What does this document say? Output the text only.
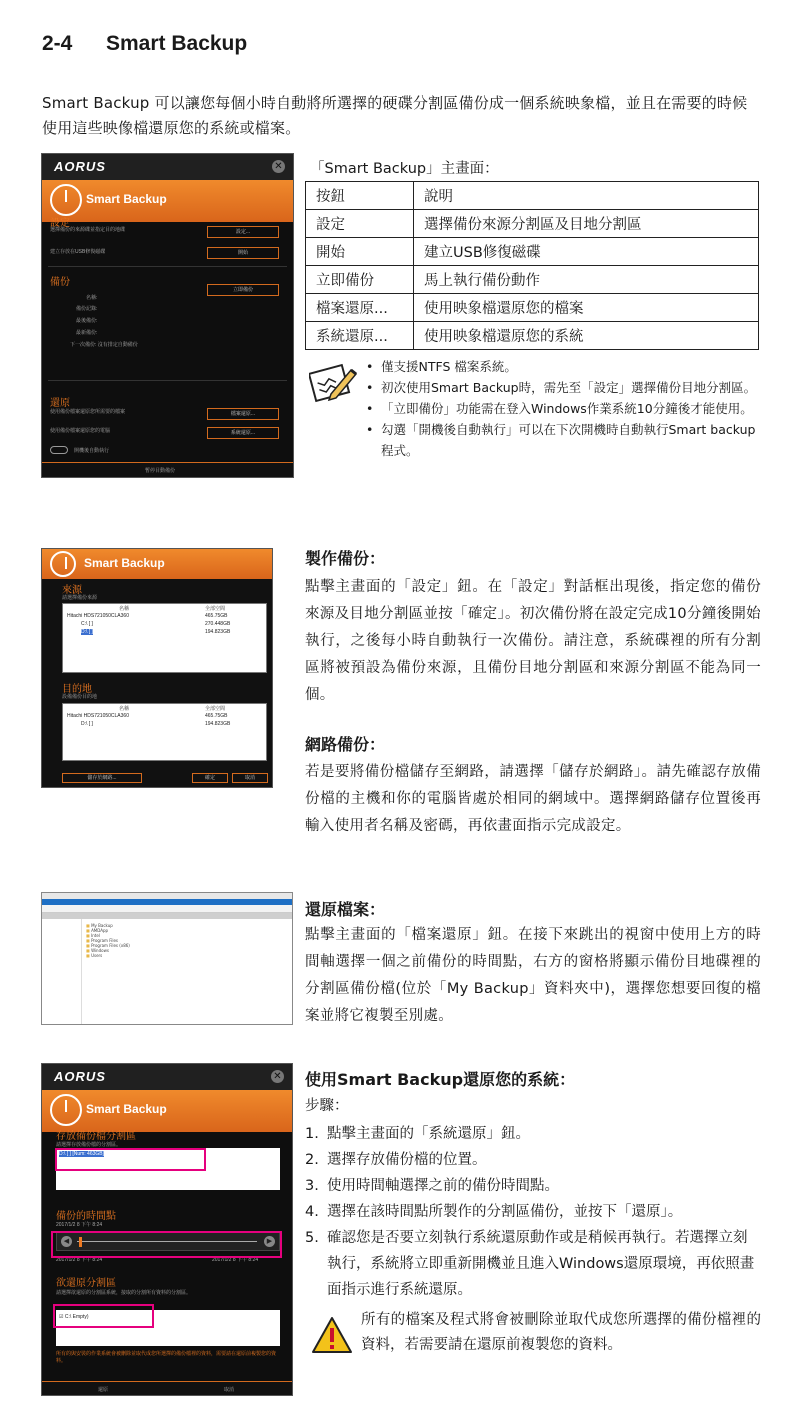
2-4 Smart Backup
Smart Backup 可以讓您每個小時自動將所選擇的硬碟分割區備份成一個系統映象檔，並且在需要的時候使用這些映像檔還原您的系統或檔案。
AORUS	✕
Smart Backup
設定
選擇備份的來源碟並指定目的地碟	設定...
建立存放在USB修復磁碟	開始
備份
立即備份
名稱:
備份記錄:
最後備份:
最新備份:
下一次備份: 沒有排定自動備份
還原
使用備份檔案還原您所需要的檔案	檔案還原...
使用備份檔案還原您的電腦	系統還原...
開機後自動執行
暫停目動備份
「Smart Backup」主畫面：
按鈕	說明
設定	選擇備份來源分割區及目地分割區
開始	建立USB修復磁碟
立即備份	馬上執行備份動作
檔案還原...	使用映象檔還原您的檔案
系統還原...	使用映象檔還原您的系統
• 僅支援NTFS 檔案系統。
• 初次使用Smart Backup時，需先至「設定」選擇備份目地分割區。
• 「立即備份」功能需在登入Windows作業系統10分鐘後才能使用。
• 勾選「開機後自動執行」可以在下次開機時自動執行Smart backup程式。
Smart Backup
來源
請選擇備份來源
名稱	全部空間
Hitachi HDS721050CLA360	465.75GB
C:\ [ ]	270.448GB
D:\ [ ]	194.823GB
目的地
設備備份目的地
名稱	全部空間
Hitachi HDS721050CLA360	465.75GB
D:\ [ ]	194.823GB
儲存於網路...	確定	取消
製作備份：
點擊主畫面的「設定」鈕。在「設定」對話框出現後，指定您的備份來源及目地分割區並按「確定」。初次備份將在設定完成10分鐘後開始執行，之後每小時自動執行一次備份。請注意，系統碟裡的所有分割區將被預設為備份來源，且備份目地分割區和來源分割區不能為同一個。
網路備份：
若是要將備份檔儲存至網路，請選擇「儲存於網路」。請先確認存放備份檔的主機和你的電腦皆處於相同的網域中。選擇網路儲存位置後再輸入使用者名稱及密碼，再依畫面指示完成設定。
■ My Backup
■ AMDApp
■ Intel
■ Program Files
■ Program Files (x86)
■ Windows
■ Users
還原檔案：
點擊主畫面的「檔案還原」鈕。在接下來跳出的視窗中使用上方的時間軸選擇一個之前備份的時間點，右方的窗格將顯示備份目地碟裡的分割區備份檔(位於「My Backup」資料夾中)，選擇您想要回復的檔案並將它複製至別處。
AORUS	✕
Smart Backup
存放備份檔分割區
請選擇存放備份檔的分割區。
D:\ [ ] [Num: 463GB]
備份的時間點
2017/1/2 8 下午 8:24
◀	▶
2017/1/2 8 下午 8:24	2017/1/2 8 下午 8:24
欲還原分割區
請選擇欲還原的分割區系統，接取的分割所有資料的分割區。
☑ C:\ Empty)
所有的與安裝的作業系統會被刪除並取代成您所選擇的備份檔裡的資料，需要請在還原前複製您的資料。
還原	取消
使用Smart Backup還原您的系統：
步驟：
1. 點擊主畫面的「系統還原」鈕。
2. 選擇存放備份檔的位置。
3. 使用時間軸選擇之前的備份時間點。
4. 選擇在該時間點所製作的分割區備份，並按下「還原」。
5. 確認您是否要立刻執行系統還原動作或是稍候再執行。若選擇立刻執行，系統將立即重新開機並且進入Windows還原環境，再依照畫面指示進行系統還原。
所有的檔案及程式將會被刪除並取代成您所選擇的備份檔裡的資料，若需要請在還原前複製您的資料。
